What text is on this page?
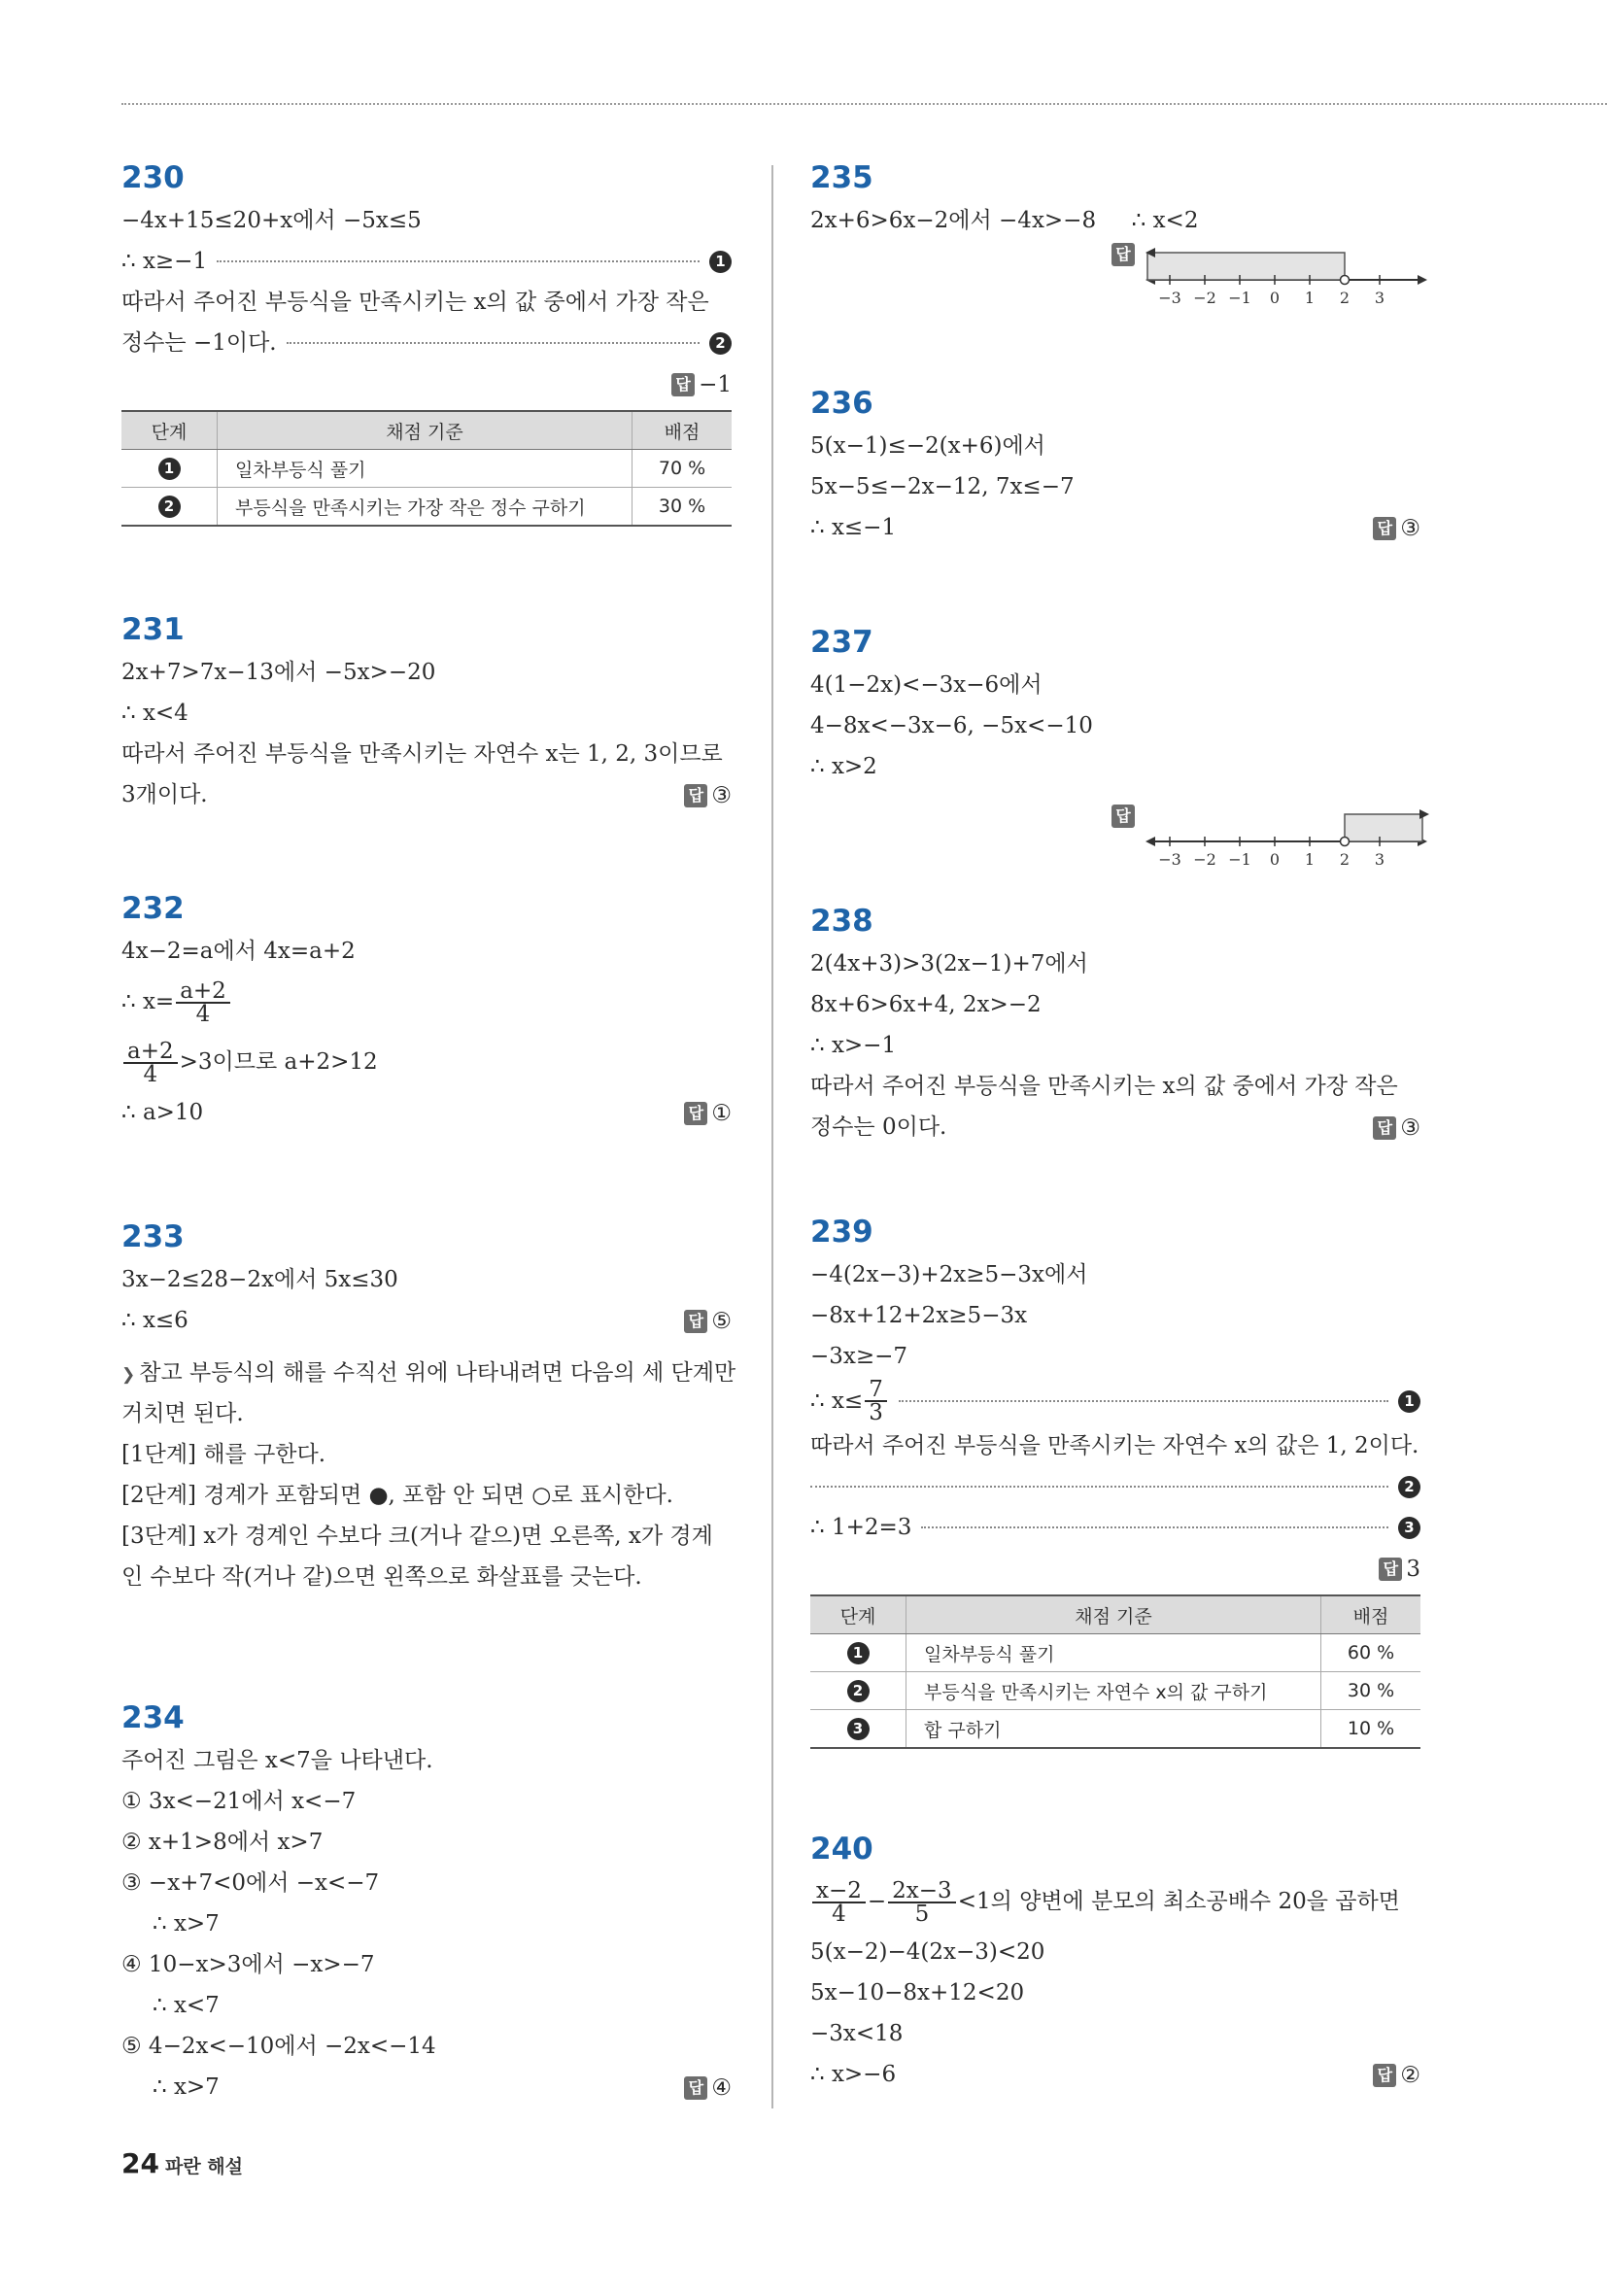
230
−4x+15≤20+x에서 −5x≤5
∴ x≥−1	1
따라서 주어진 부등식을 만족시키는 x의 값 중에서 가장 작은
정수는 −1이다.	2
답 −1
단계	채점 기준	배점
1	일차부등식 풀기	70 %
2	부등식을 만족시키는 가장 작은 정수 구하기	30 %
231
2x+7>7x−13에서 −5x>−20
∴ x<4
따라서 주어진 부등식을 만족시키는 자연수 x는 1, 2, 3이므로
3개이다.	답 ③
232
4x−2=a에서 4x=a+2
∴ $x= \frac{a+2}{4}$
$\frac{a+2}{4} >3$이므로 a+2>12
∴ a>10	답 ①
233
3x−2≤28−2x에서 5x≤30
∴ x≤6	답 ⑤
❯ 참고 부등식의 해를 수직선 위에 나타내려면 다음의 세 단계만
거치면 된다.
[1단계] 해를 구한다.
[2단계] 경계가 포함되면 ●, 포함 안 되면 ○로 표시한다.
[3단계] x가 경계인 수보다 크(거나 같으)면 오른쪽, x가 경계
인 수보다 작(거나 같)으면 왼쪽으로 화살표를 긋는다.
234
주어진 그림은 x<7을 나타낸다.
① 3x<−21에서 x<−7
② x+1>8에서 x>7
③ −x+7<0에서 −x<−7
∴ x>7
④ 10−x>3에서 −x>−7
∴ x<7
⑤ 4−2x<−10에서 −2x<−14
∴ x>7	답 ④
235
2x+6>6x−2에서 −4x>−8     ∴ x<2
답
−3 −2 −1 0 1 2 3
236
5(x−1)≤−2(x+6)에서
5x−5≤−2x−12, 7x≤−7
∴ x≤−1	답 ③
237
4(1−2x)<−3x−6에서
4−8x<−3x−6, −5x<−10
∴ x>2
답
−3 −2 −1 0 1 2 3
238
2(4x+3)>3(2x−1)+7에서
8x+6>6x+4, 2x>−2
∴ x>−1
따라서 주어진 부등식을 만족시키는 x의 값 중에서 가장 작은
정수는 0이다.	답 ③
239
−4(2x−3)+2x≥5−3x에서
−8x+12+2x≥5−3x
−3x≥−7
∴ $x\le \frac{7}{3}$	1
따라서 주어진 부등식을 만족시키는 자연수 x의 값은 1, 2이다.
2
∴ 1+2=3	3
답 3
단계	채점 기준	배점
1	일차부등식 풀기	60 %
2	부등식을 만족시키는 자연수 x의 값 구하기	30 %
3	합 구하기	10 %
240
$\frac{x-2}{4} - \frac{2x-3}{5} <1$의 양변에 분모의 최소공배수 20을 곱하면
5(x−2)−4(2x−3)<20
5x−10−8x+12<20
−3x<18
∴ x>−6	답 ②
24 파란 해설
